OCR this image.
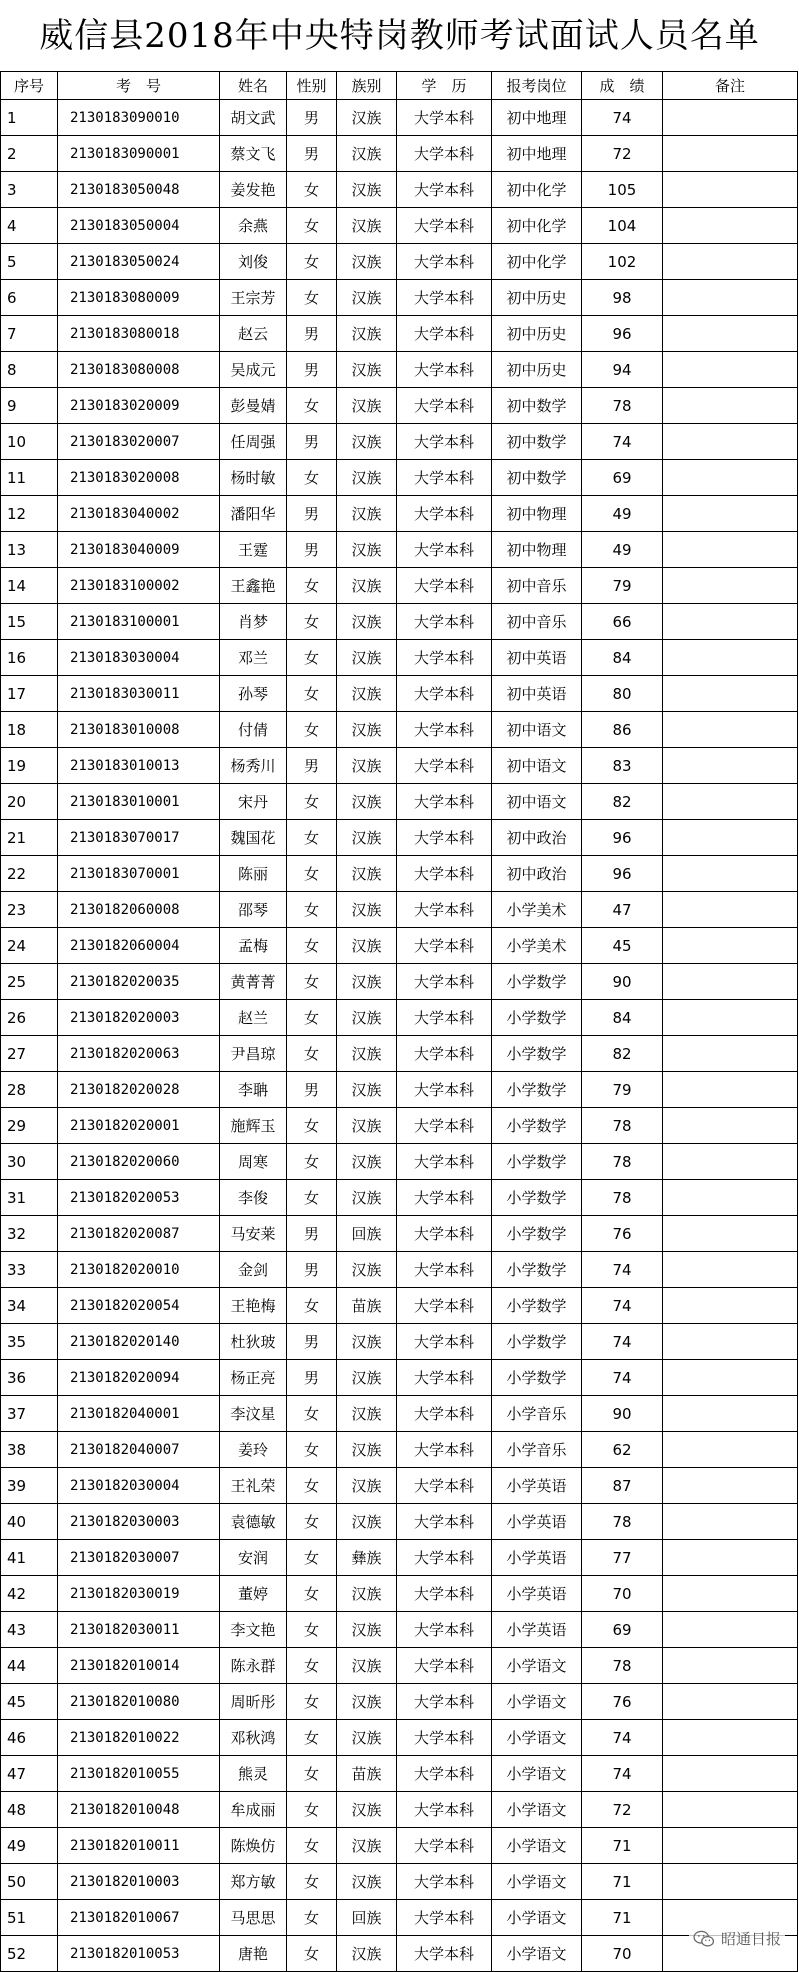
威信县2018年中央特岗教师考试面试人员名单
序号	考　号	姓名	性别	族别	学　历	报考岗位	成　绩	备注
1	2130183090010	胡文武	男	汉族	大学本科	初中地理	74	
2	2130183090001	蔡文飞	男	汉族	大学本科	初中地理	72	
3	2130183050048	姜发艳	女	汉族	大学本科	初中化学	105	
4	2130183050004	余燕	女	汉族	大学本科	初中化学	104	
5	2130183050024	刘俊	女	汉族	大学本科	初中化学	102	
6	2130183080009	王宗芳	女	汉族	大学本科	初中历史	98	
7	2130183080018	赵云	男	汉族	大学本科	初中历史	96	
8	2130183080008	吴成元	男	汉族	大学本科	初中历史	94	
9	2130183020009	彭曼婧	女	汉族	大学本科	初中数学	78	
10	2130183020007	任周强	男	汉族	大学本科	初中数学	74	
11	2130183020008	杨时敏	女	汉族	大学本科	初中数学	69	
12	2130183040002	潘阳华	男	汉族	大学本科	初中物理	49	
13	2130183040009	王霆	男	汉族	大学本科	初中物理	49	
14	2130183100002	王鑫艳	女	汉族	大学本科	初中音乐	79	
15	2130183100001	肖梦	女	汉族	大学本科	初中音乐	66	
16	2130183030004	邓兰	女	汉族	大学本科	初中英语	84	
17	2130183030011	孙琴	女	汉族	大学本科	初中英语	80	
18	2130183010008	付倩	女	汉族	大学本科	初中语文	86	
19	2130183010013	杨秀川	男	汉族	大学本科	初中语文	83	
20	2130183010001	宋丹	女	汉族	大学本科	初中语文	82	
21	2130183070017	魏国花	女	汉族	大学本科	初中政治	96	
22	2130183070001	陈丽	女	汉族	大学本科	初中政治	96	
23	2130182060008	邵琴	女	汉族	大学本科	小学美术	47	
24	2130182060004	孟梅	女	汉族	大学本科	小学美术	45	
25	2130182020035	黄菁菁	女	汉族	大学本科	小学数学	90	
26	2130182020003	赵兰	女	汉族	大学本科	小学数学	84	
27	2130182020063	尹昌琼	女	汉族	大学本科	小学数学	82	
28	2130182020028	李聃	男	汉族	大学本科	小学数学	79	
29	2130182020001	施辉玉	女	汉族	大学本科	小学数学	78	
30	2130182020060	周寒	女	汉族	大学本科	小学数学	78	
31	2130182020053	李俊	女	汉族	大学本科	小学数学	78	
32	2130182020087	马安莱	男	回族	大学本科	小学数学	76	
33	2130182020010	金剑	男	汉族	大学本科	小学数学	74	
34	2130182020054	王艳梅	女	苗族	大学本科	小学数学	74	
35	2130182020140	杜狄玻	男	汉族	大学本科	小学数学	74	
36	2130182020094	杨正亮	男	汉族	大学本科	小学数学	74	
37	2130182040001	李汶星	女	汉族	大学本科	小学音乐	90	
38	2130182040007	姜玲	女	汉族	大学本科	小学音乐	62	
39	2130182030004	王礼荣	女	汉族	大学本科	小学英语	87	
40	2130182030003	袁德敏	女	汉族	大学本科	小学英语	78	
41	2130182030007	安润	女	彝族	大学本科	小学英语	77	
42	2130182030019	董婷	女	汉族	大学本科	小学英语	70	
43	2130182030011	李文艳	女	汉族	大学本科	小学英语	69	
44	2130182010014	陈永群	女	汉族	大学本科	小学语文	78	
45	2130182010080	周昕彤	女	汉族	大学本科	小学语文	76	
46	2130182010022	邓秋鸿	女	汉族	大学本科	小学语文	74	
47	2130182010055	熊灵	女	苗族	大学本科	小学语文	74	
48	2130182010048	牟成丽	女	汉族	大学本科	小学语文	72	
49	2130182010011	陈焕仿	女	汉族	大学本科	小学语文	71	
50	2130182010003	郑方敏	女	汉族	大学本科	小学语文	71	
51	2130182010067	马思思	女	回族	大学本科	小学语文	71	
52	2130182010053	唐艳	女	汉族	大学本科	小学语文	70	
昭通日报
